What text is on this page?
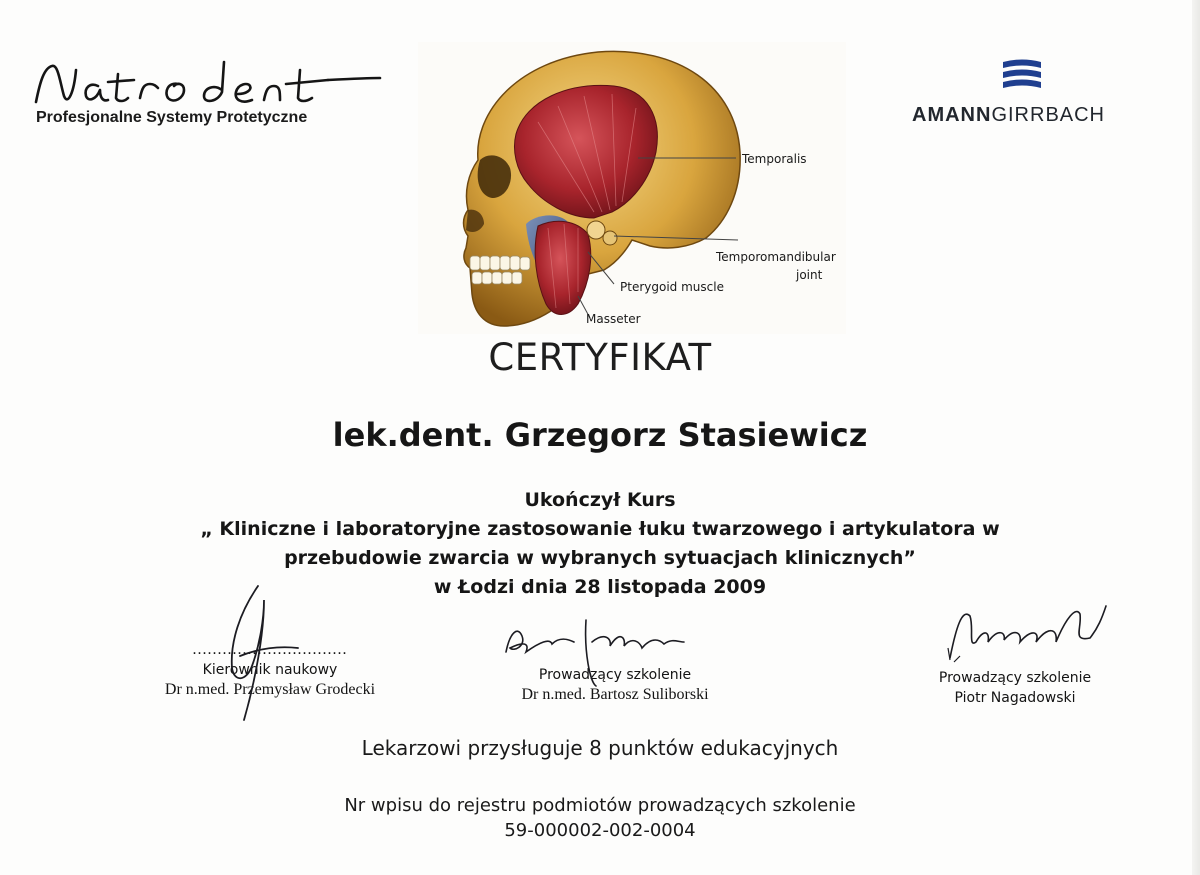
Profesjonalne Systemy Protetyczne	AMANNGIRRBACH
Temporalis
Temporomandibular
joint
Pterygoid muscle
Masseter
CERTYFIKAT
lek.dent. Grzegorz Stasiewicz
Ukończył Kurs
„ Kliniczne i laboratoryjne zastosowanie łuku twarzowego i artykulatora w
przebudowie zwarcia w wybranych sytuacjach klinicznych”
w Łodzi dnia 28 listopada 2009
...............................
Kierownik naukowy
Dr n.med. Przemysław Grodecki
Prowadzący szkolenie
Dr n.med. Bartosz Suliborski
Prowadzący szkolenie
Piotr Nagadowski
Lekarzowi przysługuje 8 punktów edukacyjnych
Nr wpisu do rejestru podmiotów prowadzących szkolenie
59-000002-002-0004
